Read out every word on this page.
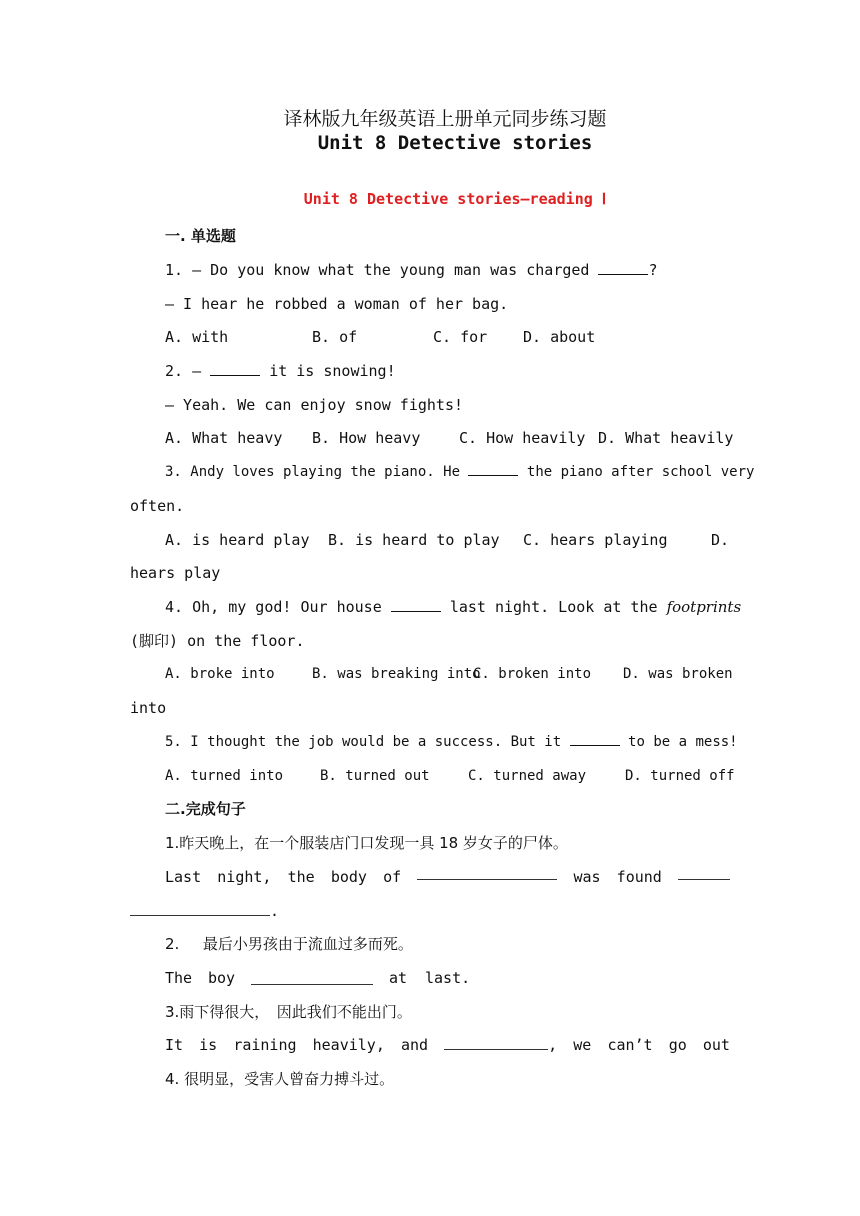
译林版九年级英语上册单元同步练习题
Unit 8 Detective stories
Unit 8 Detective stories—reading Ⅰ
一. 单选题
1. — Do you know what the young man was charged	?
— I hear he robbed a woman of her bag.
A. with	B. of	C. for D. about
2. —	it is snowing!
— Yeah. We can enjoy snow fights!
A. What heavy B. How heavy	C. How heavily D. What heavily
3. Andy loves playing the piano. He	the piano after school very
often.
A. is heard play B. is heard to play C. hears playing	D.
hears play
4. Oh, my god! Our house	last night. Look at the footprints
(脚印) on the floor.
A. broke into	B. was breaking into
C. broken into D. was broken
into
5. I thought the job would be a success. But it	to be a mess!
A. turned into	B. turned out	C. turned away	D. turned off
二.完成句子
1.昨天晚上，在一个服装店门口发现一具 18 岁女子的尸体。
Last night, the body of	was found
.
2. 最后小男孩由于流血过多而死。
The boy	at last.
3.雨下得很大，　因此我们不能出门。
It is raining heavily, and	, we can’t go out
4. 很明显，受害人曾奋力搏斗过。
